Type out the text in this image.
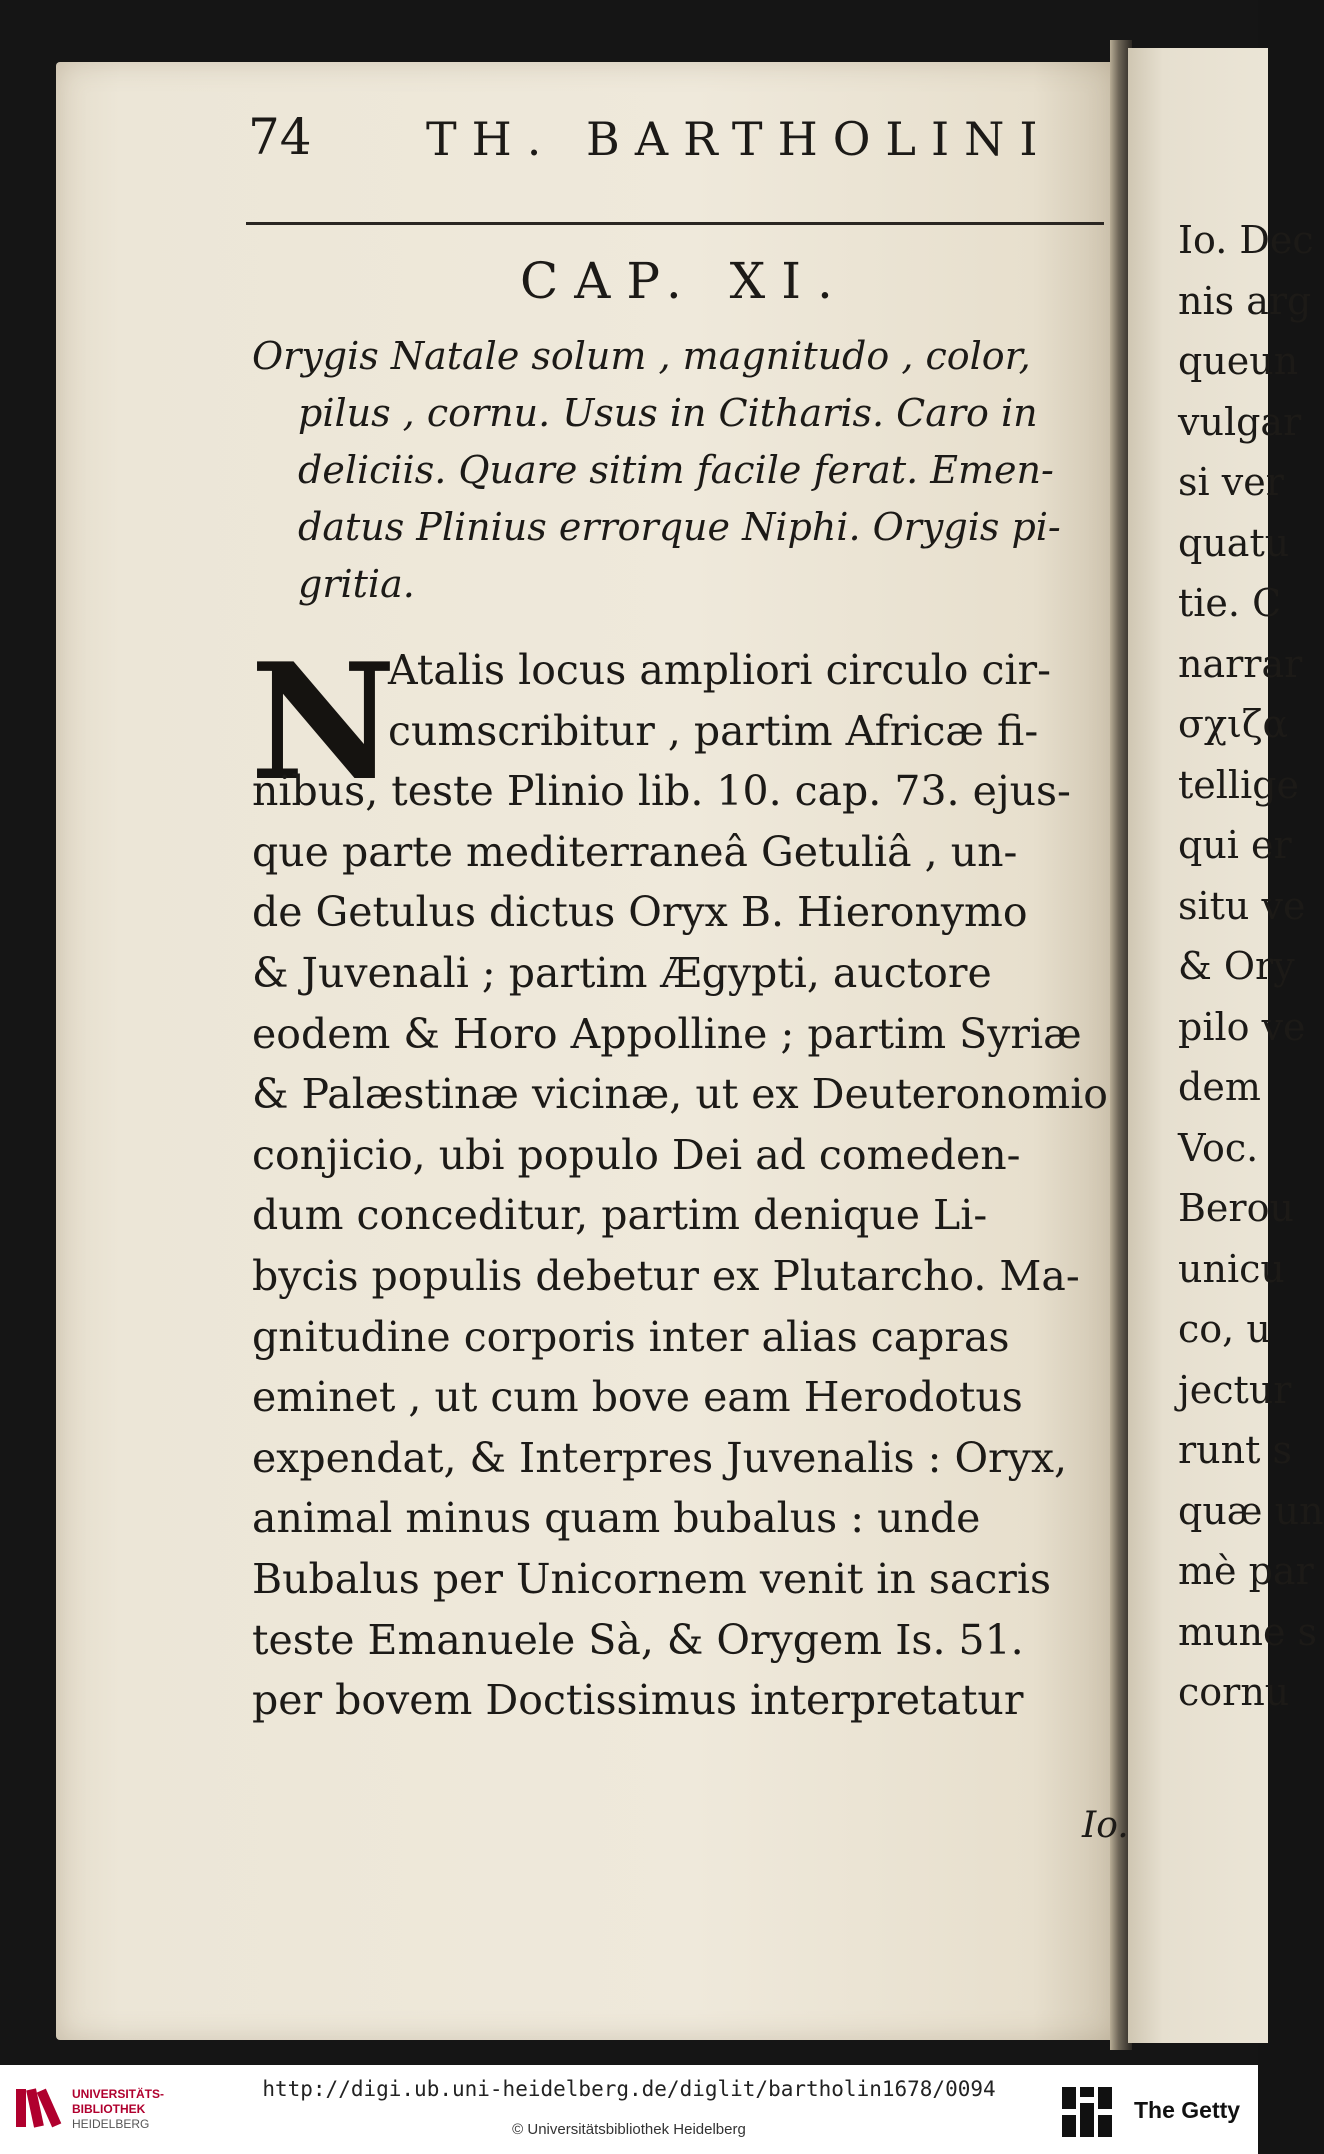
74 TH. BARTHOLINI
CAP. XI.
Orygis Natale solum , magnitudo , color,
pilus , cornu. Usus in Citharis. Caro in
deliciis. Quare sitim facile ferat. Emen-
datus Plinius errorque Niphi. Orygis pi-
gritia.
N
Atalis locus ampliori circulo cir-
cumscribitur , partim Africæ fi-
nibus, teste Plinio lib. 10. cap. 73. ejus-
que parte mediterraneâ Getuliâ , un-
de Getulus dictus Oryx B. Hieronymo
& Juvenali ; partim Ægypti, auctore
eodem & Horo Appolline ; partim Syriæ
& Palæstinæ vicinæ, ut ex Deuteronomio
conjicio, ubi populo Dei ad comeden-
dum conceditur, partim denique Li-
bycis populis debetur ex Plutarcho. Ma-
gnitudine corporis inter alias capras
eminet , ut cum bove eam Herodotus
expendat, & Interpres Juvenalis : Oryx,
animal minus quam bubalus : unde
Bubalus per Unicornem venit in sacris
teste Emanuele Sà, & Orygem Is. 51.
per bovem Doctissimus interpretatur
Io.
Io. Dec
nis arg
queun
vulgar
si ver
quatu
tie. C
narrar
σχιζα
tellige
qui er
situ ve
& Ory
pilo ve
dem
Voc.
Berou
unicu
co, u
jectur
runt s
quæ un
mè par
mune s
cornu
UNIVERSITÄTS-
BIBLIOTHEK
HEIDELBERG
http://digi.ub.uni-heidelberg.de/diglit/bartholin1678/0094
© Universitätsbibliothek Heidelberg
The Getty
